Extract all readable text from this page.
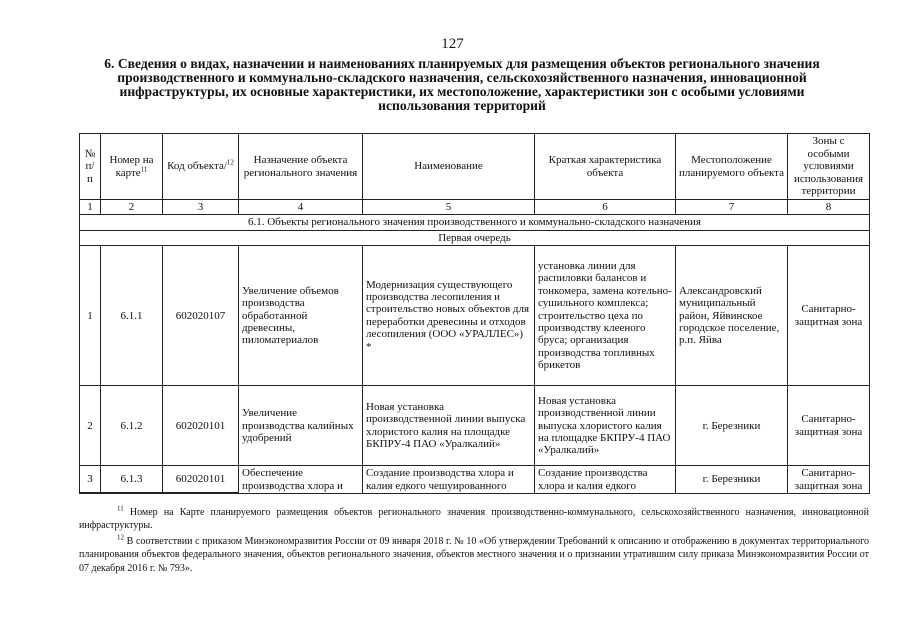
127
6. Сведения о видах, назначении и наименованиях планируемых для размещения объектов регионального значения производственного и коммунально-складского назначения, сельскохозяйственного назначения, инновационной инфраструктуры, их основные характеристики, их местоположение, характеристики зон с особыми условиями использования территорий
№ п/п	Номер на карте$^{11}$	Код объекта/$^{12}$	Назначение объекта регионального значения	Наименование	Краткая характеристика объекта	Местоположение планируемого объекта	Зоны с особыми условиями использования территории
1	2	3	4	5	6	7	8
6.1. Объекты регионального значения производственного и коммунально-складского назначения							
Первая очередь							
1	6.1.1	602020107	Увеличение объемов производства обработанной древесины, пиломатериалов	Модернизация существующего производства лесопиления и строительство новых объектов для переработки древесины и отходов лесопиления (ООО «УРАЛЛЕС») *	установка линии для распиловки балансов и тонкомера, замена котельно-сушильного комплекса; строительство цеха по производству клееного бруса; организация производства топливных брикетов	Александровский муниципальный район, Яйвинское городское поселение, р.п. Яйва	Санитарно-защитная зона
2	6.1.2	602020101	Увеличение производства калийных удобрений	Новая установка производственной линии выпуска хлористого калия на площадке БКПРУ-4 ПАО «Уралкалий»	Новая установка производственной линии выпуска хлористого калия на площадке БКПРУ-4 ПАО «Уралкалий»	г. Березники	Санитарно-защитная зона
3	6.1.3	602020101	Обеспечение производства хлора и	Создание производства хлора и калия едкого чешуированного	Создание производства хлора и калия едкого	г. Березники	Санитарно-защитная зона

$^{11}$ Номер на Карте планируемого размещения объектов регионального значения производственно-коммунального, сельскохозяйственного назначения, инновационной инфраструктуры.

$^{12}$ В соответствии с приказом Минэкономразвития России от 09 января 2018 г. № 10 «Об утверждении Требований к описанию и отображению в документах территориального планирования объектов федерального значения, объектов регионального значения, объектов местного значения и о признании утратившим силу приказа Минэкономразвития России от 07 декабря 2016 г. № 793».
